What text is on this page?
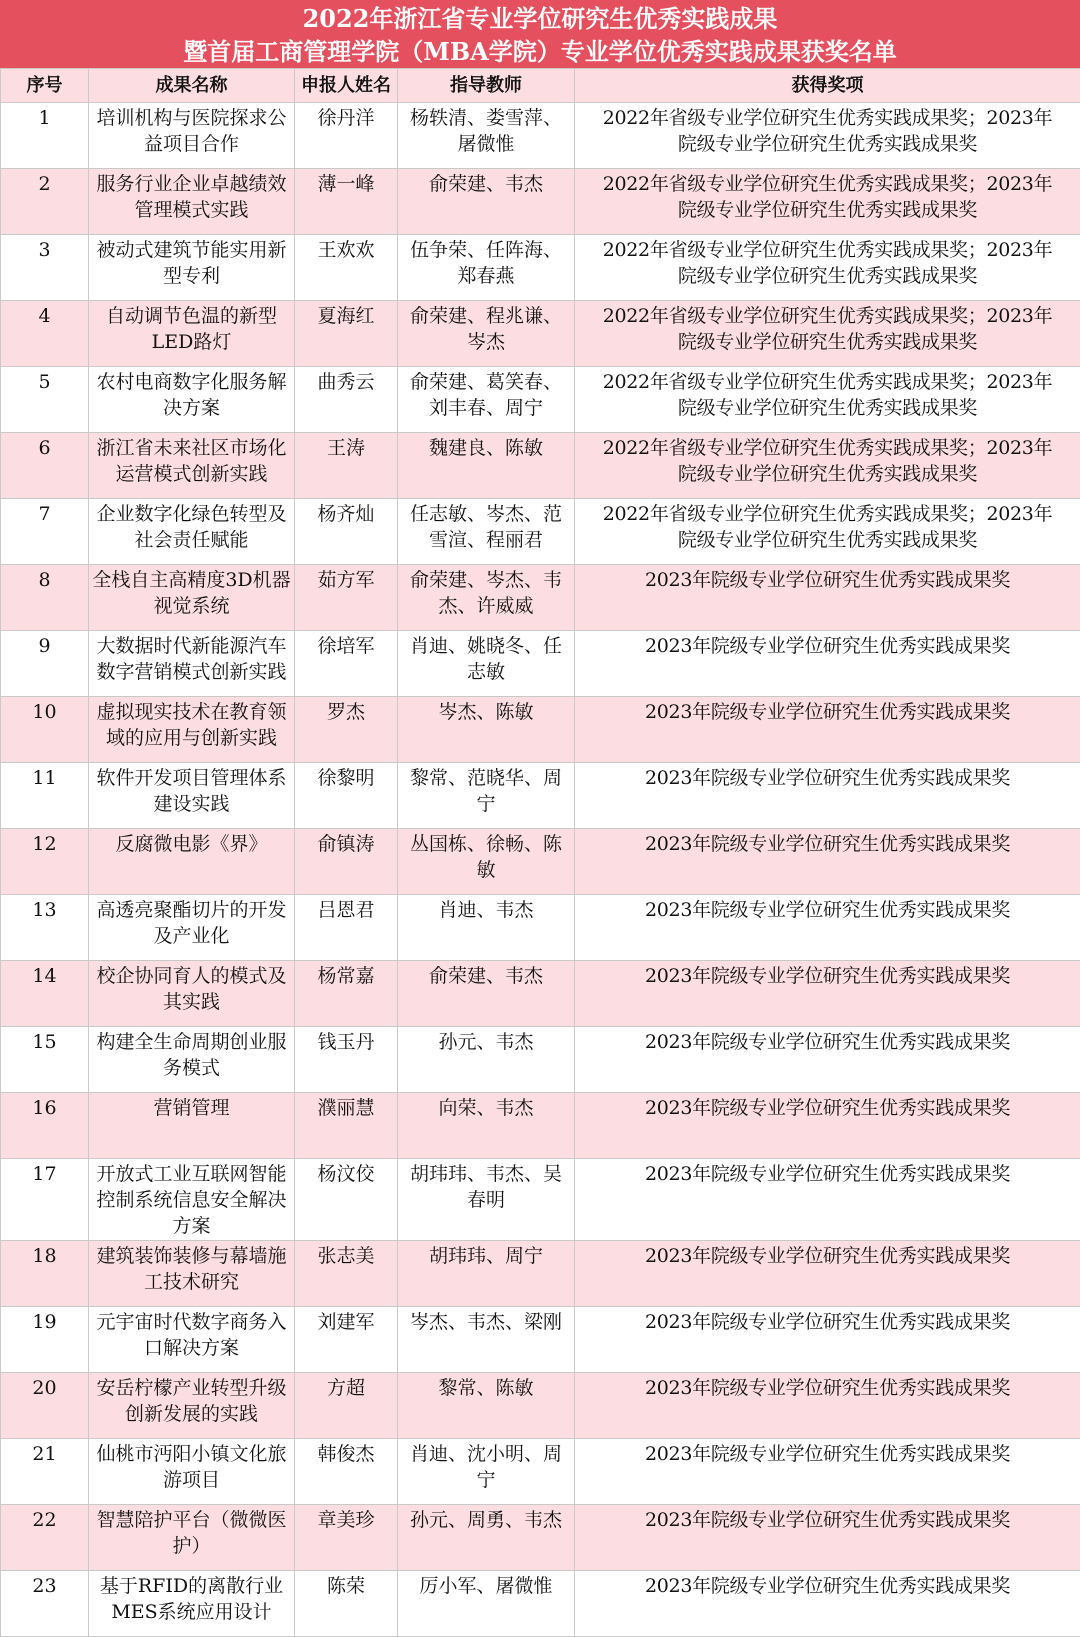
2022年浙江省专业学位研究生优秀实践成果
暨首届工商管理学院（MBA学院）专业学位优秀实践成果获奖名单
序号	成果名称	申报人姓名	指导教师	获得奖项
1	培训机构与医院探求公益项目合作	徐丹洋	杨轶清、娄雪萍、屠微惟	2022年省级专业学位研究生优秀实践成果奖；2023年
院级专业学位研究生优秀实践成果奖

2	服务行业企业卓越绩效管理模式实践	薄一峰	俞荣建、韦杰	2022年省级专业学位研究生优秀实践成果奖；2023年
院级专业学位研究生优秀实践成果奖

3	被动式建筑节能实用新型专利	王欢欢	伍争荣、任阵海、郑春燕	2022年省级专业学位研究生优秀实践成果奖；2023年
院级专业学位研究生优秀实践成果奖

4	自动调节色温的新型LED路灯	夏海红	俞荣建、程兆谦、岑杰	2022年省级专业学位研究生优秀实践成果奖；2023年
院级专业学位研究生优秀实践成果奖

5	农村电商数字化服务解决方案	曲秀云	俞荣建、葛笑春、刘丰春、周宁	2022年省级专业学位研究生优秀实践成果奖；2023年
院级专业学位研究生优秀实践成果奖

6	浙江省未来社区市场化运营模式创新实践	王涛	魏建良、陈敏	2022年省级专业学位研究生优秀实践成果奖；2023年
院级专业学位研究生优秀实践成果奖

7	企业数字化绿色转型及社会责任赋能	杨齐灿	任志敏、岑杰、范雪渲、程丽君	2022年省级专业学位研究生优秀实践成果奖；2023年
院级专业学位研究生优秀实践成果奖

8	全栈自主高精度3D机器视觉系统	茹方军	俞荣建、岑杰、韦杰、许威威	2023年院级专业学位研究生优秀实践成果奖

9	大数据时代新能源汽车数字营销模式创新实践	徐培军	肖迪、姚晓冬、任志敏	2023年院级专业学位研究生优秀实践成果奖

10	虚拟现实技术在教育领域的应用与创新实践	罗杰	岑杰、陈敏	2023年院级专业学位研究生优秀实践成果奖

11	软件开发项目管理体系建设实践	徐黎明	黎常、范晓华、周宁	2023年院级专业学位研究生优秀实践成果奖

12	反腐微电影《界》	俞镇涛	丛国栋、徐畅、陈敏	2023年院级专业学位研究生优秀实践成果奖

13	高透亮聚酯切片的开发及产业化	吕恩君	肖迪、韦杰	2023年院级专业学位研究生优秀实践成果奖

14	校企协同育人的模式及其实践	杨常嘉	俞荣建、韦杰	2023年院级专业学位研究生优秀实践成果奖

15	构建全生命周期创业服务模式	钱玉丹	孙元、韦杰	2023年院级专业学位研究生优秀实践成果奖

16	营销管理	濮丽慧	向荣、韦杰	2023年院级专业学位研究生优秀实践成果奖

17	开放式工业互联网智能控制系统信息安全解决方案	杨汶佼	胡玮玮、韦杰、吴春明	2023年院级专业学位研究生优秀实践成果奖

18	建筑装饰装修与幕墙施工技术研究	张志美	胡玮玮、周宁	2023年院级专业学位研究生优秀实践成果奖

19	元宇宙时代数字商务入口解决方案	刘建军	岑杰、韦杰、梁刚	2023年院级专业学位研究生优秀实践成果奖

20	安岳柠檬产业转型升级创新发展的实践	方超	黎常、陈敏	2023年院级专业学位研究生优秀实践成果奖

21	仙桃市沔阳小镇文化旅游项目	韩俊杰	肖迪、沈小明、周宁	2023年院级专业学位研究生优秀实践成果奖

22	智慧陪护平台（微微医护）	章美珍	孙元、周勇、韦杰	2023年院级专业学位研究生优秀实践成果奖

23	基于RFID的离散行业MES系统应用设计	陈荣	厉小军、屠微惟	2023年院级专业学位研究生优秀实践成果奖
